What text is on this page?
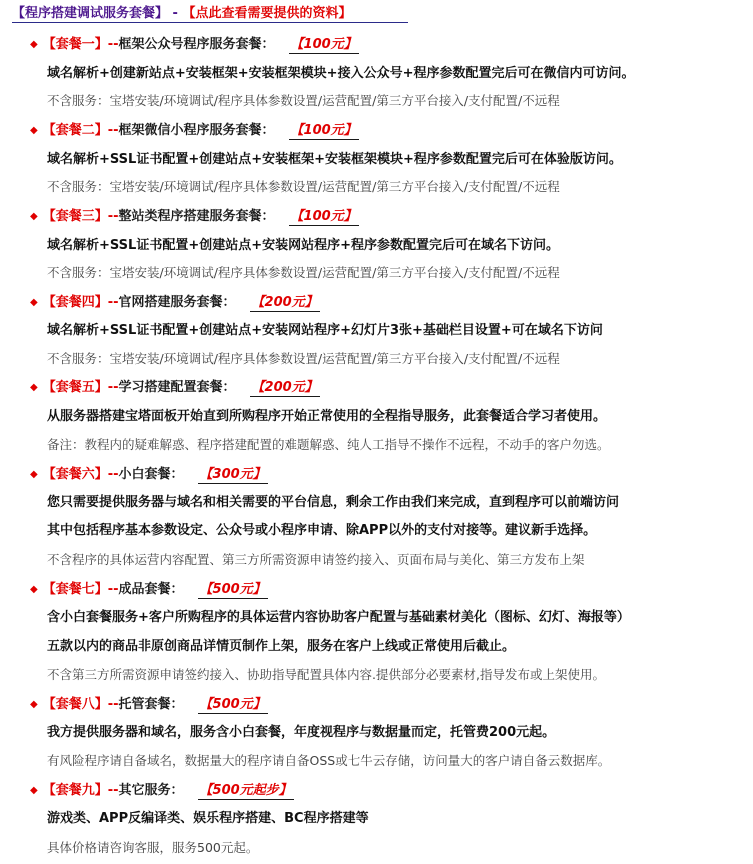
【程序搭建调试服务套餐】 - 【点此查看需要提供的资料】
◆ 【套餐一】--框架公众号程序服务套餐： 【100元】
域名解析+创建新站点+安装框架+安装框架模块+接入公众号+程序参数配置完后可在微信内可访问。
不含服务：宝塔安装/环境调试/程序具体参数设置/运营配置/第三方平台接入/支付配置/不远程
◆ 【套餐二】--框架微信小程序服务套餐： 【100元】
域名解析+SSL证书配置+创建站点+安装框架+安装框架模块+程序参数配置完后可在体验版访问。
不含服务：宝塔安装/环境调试/程序具体参数设置/运营配置/第三方平台接入/支付配置/不远程
◆ 【套餐三】--整站类程序搭建服务套餐： 【100元】
域名解析+SSL证书配置+创建站点+安装网站程序+程序参数配置完后可在域名下访问。
不含服务：宝塔安装/环境调试/程序具体参数设置/运营配置/第三方平台接入/支付配置/不远程
◆ 【套餐四】--官网搭建服务套餐： 【200元】
域名解析+SSL证书配置+创建站点+安装网站程序+幻灯片3张+基础栏目设置+可在域名下访问
不含服务：宝塔安装/环境调试/程序具体参数设置/运营配置/第三方平台接入/支付配置/不远程
◆ 【套餐五】--学习搭建配置套餐： 【200元】
从服务器搭建宝塔面板开始直到所购程序开始正常使用的全程指导服务，此套餐适合学习者使用。
备注：教程内的疑难解惑、程序搭建配置的难题解惑、纯人工指导不操作不远程，不动手的客户勿选。
◆ 【套餐六】--小白套餐： 【300元】
您只需要提供服务器与域名和相关需要的平台信息，剩余工作由我们来完成，直到程序可以前端访问
其中包括程序基本参数设定、公众号或小程序申请、除APP以外的支付对接等。建议新手选择。
不含程序的具体运营内容配置、第三方所需资源申请签约接入、页面布局与美化、第三方发布上架
◆ 【套餐七】--成品套餐： 【500元】
含小白套餐服务+客户所购程序的具体运营内容协助客户配置与基础素材美化（图标、幻灯、海报等）
五款以内的商品非原创商品详情页制作上架，服务在客户上线或正常使用后截止。
不含第三方所需资源申请签约接入、协助指导配置具体内容.提供部分必要素材,指导发布或上架使用。
◆ 【套餐八】--托管套餐： 【500元】
我方提供服务器和域名，服务含小白套餐，年度视程序与数据量而定，托管费200元起。
有风险程序请自备域名，数据量大的程序请自备OSS或七牛云存储，访问量大的客户请自备云数据库。
◆ 【套餐九】--其它服务： 【500元起步】
游戏类、APP反编译类、娱乐程序搭建、BC程序搭建等
具体价格请咨询客服，服务500元起。
